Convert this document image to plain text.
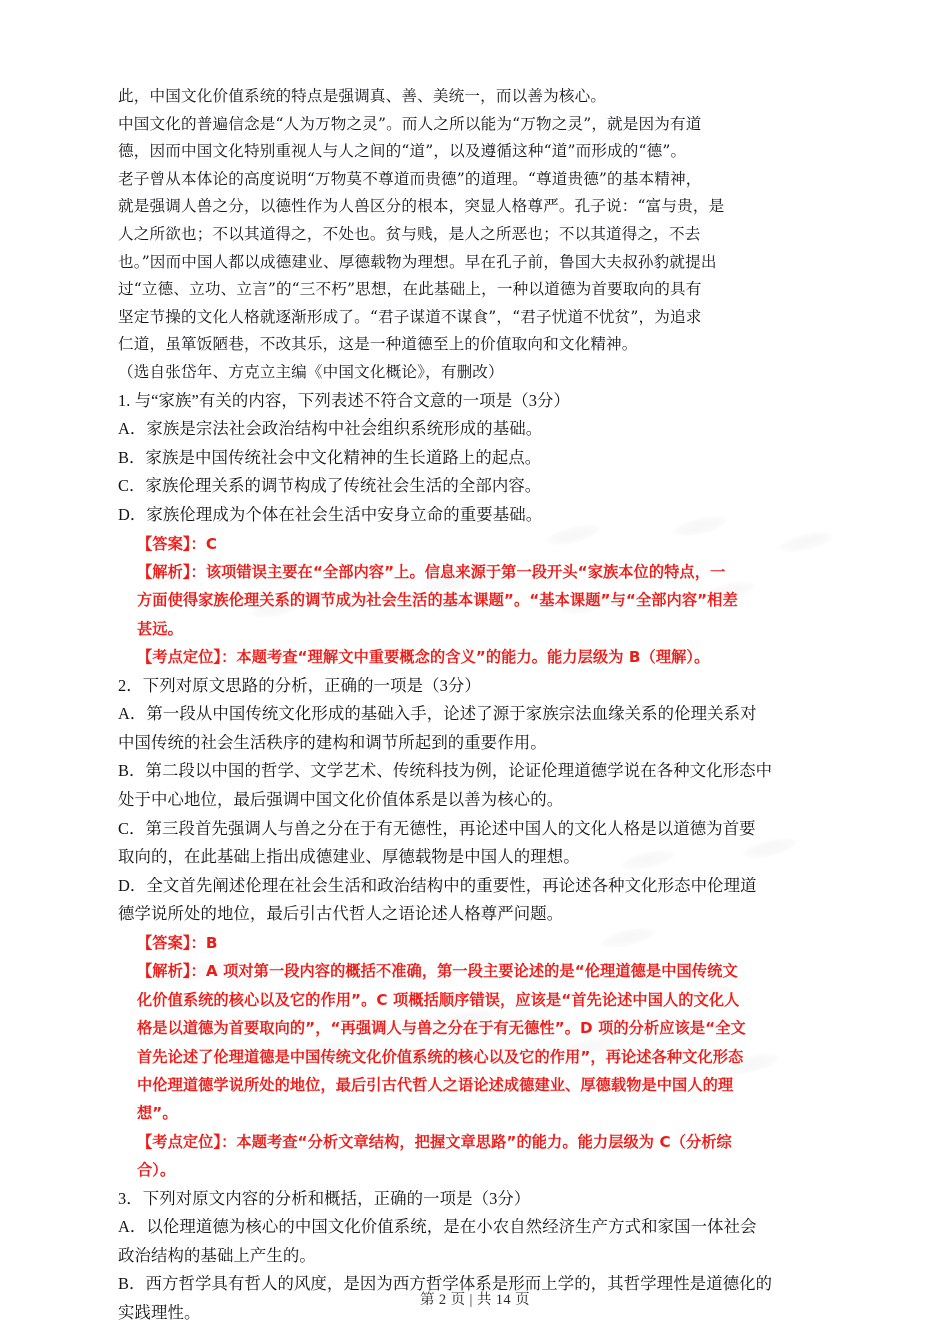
此，中国文化价值系统的特点是强调真、善、美统一，而以善为核心。
中国文化的普遍信念是“人为万物之灵”。而人之所以能为“万物之灵”，就是因为有道
德，因而中国文化特别重视人与人之间的“道”，以及遵循这种“道”而形成的“德”。
老子曾从本体论的高度说明“万物莫不尊道而贵德”的道理。“尊道贵德”的基本精神，
就是强调人兽之分，以德性作为人兽区分的根本，突显人格尊严。孔子说：“富与贵，是
人之所欲也；不以其道得之，不处也。贫与贱，是人之所恶也；不以其道得之，不去
也。”因而中国人都以成德建业、厚德载物为理想。早在孔子前，鲁国大夫叔孙豹就提出
过“立德、立功、立言”的“三不朽”思想，在此基础上，一种以道德为首要取向的具有
坚定节操的文化人格就逐渐形成了。“君子谋道不谋食”，“君子忧道不忧贫”，为追求
仁道，虽箪饭陋巷，不改其乐，这是一种道德至上的价值取向和文化精神。
（选自张岱年、方克立主编《中国文化概论》，有删改）
1. 与“家族”有关的内容，下列表述不符合 ・・・文意的一项是（3分）
A．家族是宗法社会政治结构中社会组织系统形成的基础。
B．家族是中国传统社会中文化精神的生长道路上的起点。
C．家族伦理关系的调节构成了传统社会生活的全部内容。
D．家族伦理成为个体在社会生活中安身立命的重要基础。
【答案】：C
【解析】：该项错误主要在“全部内容”上。信息来源于第一段开头“家族本位的特点，一
方面使得家族伦理关系的调节成为社会生活的基本课题”。“基本课题”与“全部内容”相差
甚远。
【考点定位】：本题考查“理解文中重要概念的含义”的能力。能力层级为 B（理解）。
2．下列对原文思路的分析，正确的一项是（3分）
A．第一段从中国传统文化形成的基础入手，论述了源于家族宗法血缘关系的伦理关系对
中国传统的社会生活秩序的建构和调节所起到的重要作用。
B．第二段以中国的哲学、文学艺术、传统科技为例，论证伦理道德学说在各种文化形态中
处于中心地位，最后强调中国文化价值体系是以善为核心的。
C．第三段首先强调人与兽之分在于有无德性，再论述中国人的文化人格是以道德为首要
取向的，在此基础上指出成德建业、厚德载物是中国人的理想。
D．全文首先阐述伦理在社会生活和政治结构中的重要性，再论述各种文化形态中伦理道
德学说所处的地位，最后引古代哲人之语论述人格尊严问题。
【答案】：B
【解析】：A 项对第一段内容的概括不准确，第一段主要论述的是“伦理道德是中国传统文
化价值系统的核心以及它的作用”。C 项概括顺序错误，应该是“首先论述中国人的文化人
格是以道德为首要取向的”，“再强调人与兽之分在于有无德性”。D 项的分析应该是“全文
首先论述了伦理道德是中国传统文化价值系统的核心以及它的作用”，再论述各种文化形态
中伦理道德学说所处的地位，最后引古代哲人之语论述成德建业、厚德载物是中国人的理
想”。
【考点定位】：本题考查“分析文章结构，把握文章思路”的能力。能力层级为 C（分析综
合）。
3．下列对原文内容的分析和概括，正确的一项是（3分）
A．以伦理道德为核心的中国文化价值系统，是在小农自然经济生产方式和家国一体社会
政治结构的基础上产生的。
B．西方哲学具有哲人的风度，是因为西方哲学体系是形而上学的，其哲学理性是道德化的
实践理性。
第 2 页 | 共 14 页
